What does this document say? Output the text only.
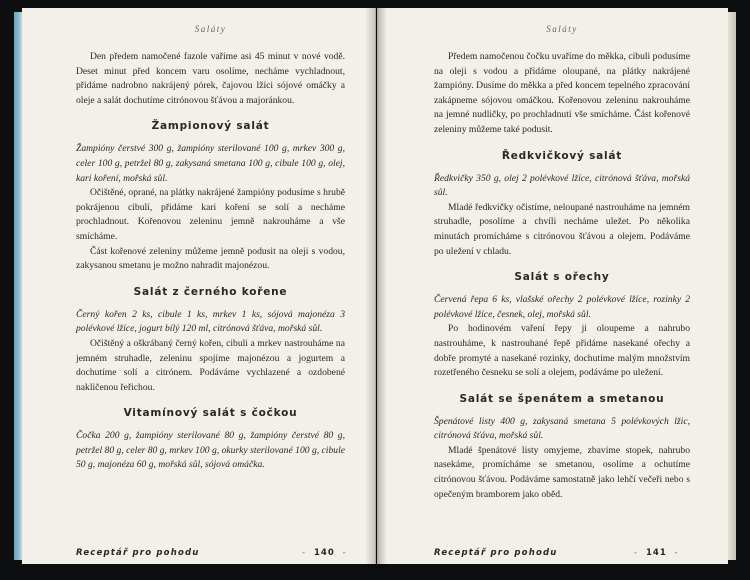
Saláty

Den předem namočené fazole vaříme asi 45 minut v nové vodě. Deset minut před koncem varu osolíme, necháme vychladnout, přidáme nadrobno nakrájený pórek, čajovou lžíci sójové omáčky a oleje a salát dochutíme citrónovou šťávou a majoránkou.

Žampionový salát

Žampióny čerstvé 300 g, žampióny sterilované 100 g, mrkev 300 g, celer 100 g, petržel 80 g, zakysaná smetana 100 g, cibule 100 g, olej, kari koření, mořská sůl.

Očištěné, oprané, na plátky nakrájené žampióny podusíme s hrubě pokrájenou cibulí, přidáme kari koření se solí a necháme prochladnout. Kořenovou zeleninu jemně nakrouháme a vše smícháme.

Část kořenové zeleniny můžeme jemně podusit na oleji s vodou, zakysanou smetanu je možno nahradit majonézou.

Salát z černého kořene

Černý kořen 2 ks, cibule 1 ks, mrkev 1 ks, sójová majonéza 3 polévkové lžíce, jogurt bílý 120 ml, citrónová šťáva, mořská sůl.

Očištěný a oškrábaný černý kořen, cibuli a mrkev nastrouháme na jemném struhadle, zeleninu spojíme majonézou a jogurtem a dochutíme solí a citrónem. Podáváme vychlazené a ozdobené nakličenou řeřichou.

Vitamínový salát s čočkou

Čočka 200 g, žampióny sterilované 80 g, žampióny čerstvé 80 g, petržel 80 g, celer 80 g, mrkev 100 g, okurky sterilované 100 g, cibule 50 g, majonéza 60 g, mořská sůl, sójová omáčka.

Receptář pro pohodu	- 140 -
Saláty

Předem namočenou čočku uvaříme do měkka, cibuli podusíme na oleji s vodou a přidáme oloupané, na plátky nakrájené žampióny. Dusíme do měkka a před koncem tepelného zpracování zakápneme sójovou omáčkou. Kořenovou zeleninu nakrouháme na jemné nudličky, po prochladnutí vše smícháme. Část kořenové zeleniny můžeme také podusit.

Ředkvičkový salát

Ředkvičky 350 g, olej 2 polévkové lžíce, citrónová šťáva, mořská sůl.

Mladé ředkvičky očistíme, neloupané nastrouháme na jemném struhadle, posolíme a chvíli necháme uležet. Po několika minutách promícháme s citrónovou šťávou a olejem. Podáváme po uležení v chladu.

Salát s ořechy

Červená řepa 6 ks, vlašské ořechy 2 polévkové lžíce, rozinky 2 polévkové lžíce, česnek, olej, mořská sůl.

Po hodinovém vaření řepy ji oloupeme a nahrubo nastrouháme, k nastrouhané řepě přidáme nasekané ořechy a dobře promyté a nasekané rozinky, dochutíme malým množstvím rozetřeného česneku se solí a olejem, podáváme po uležení.

Salát se špenátem a smetanou

Špenátové listy 400 g, zakysaná smetana 5 polévkových lžic, citrónová šťáva, mořská sůl.

Mladé špenátové listy omyjeme, zbavíme stopek, nahrubo nasekáme, promícháme se smetanou, osolíme a ochutíme citrónovou šťávou. Podáváme samostatně jako lehčí večeři nebo s opečeným bramborem jako oběd.

Receptář pro pohodu	- 141 -
